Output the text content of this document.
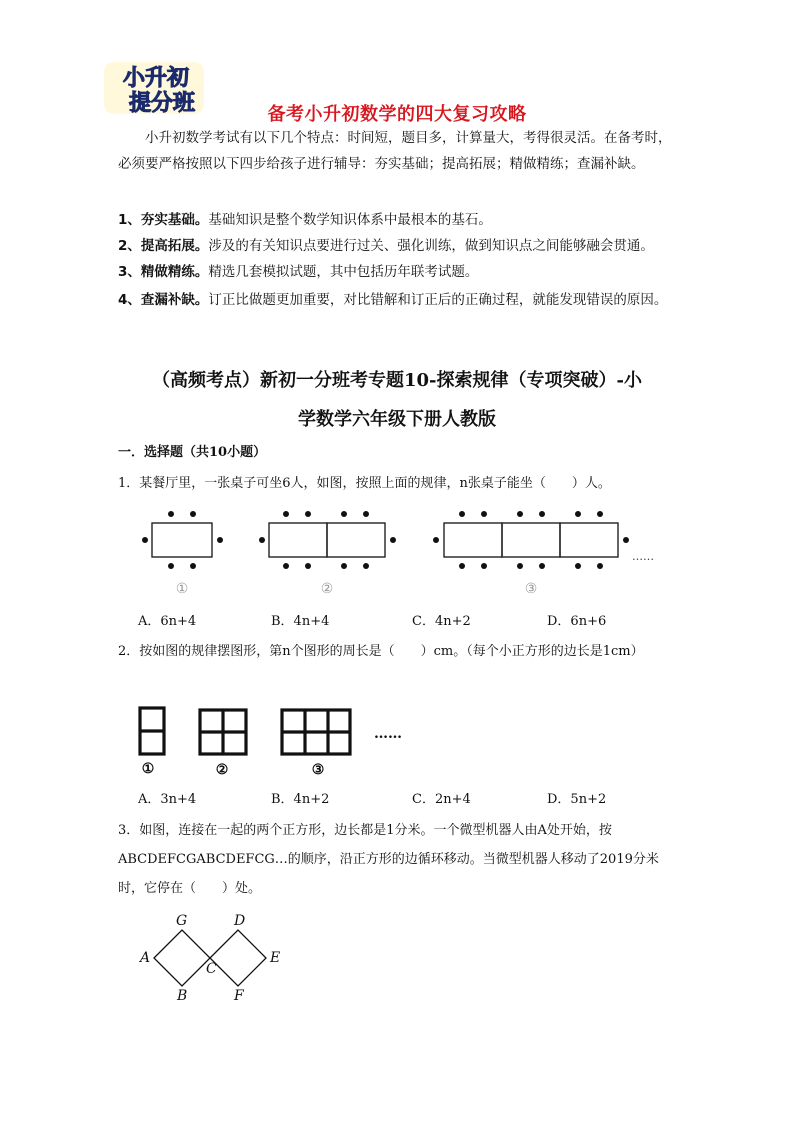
小升初
提分班	备考小升初数学的四大复习攻略
小升初数学考试有以下几个特点：时间短，题目多，计算量大，考得很灵活。在备考时，必须要严格按照以下四步给孩子进行辅导：夯实基础；提高拓展；精做精练；查漏补缺。
1、夯实基础。基础知识是整个数学知识体系中最根本的基石。
2、提高拓展。涉及的有关知识点要进行过关、强化训练，做到知识点之间能够融会贯通。
3、精做精练。精选几套模拟试题，其中包括历年联考试题。
4、查漏补缺。订正比做题更加重要，对比错解和订正后的正确过程，就能发现错误的原因。
（高频考点）新初一分班考专题10-探索规律（专项突破）-小
学数学六年级下册人教版
一．选择题（共10小题）
1．某餐厅里，一张桌子可坐6人，如图，按照上面的规律，n张桌子能坐（　　）人。
①	②	③
……
A．6n+4	B．4n+4	C．4n+2	D．6n+6
2．按如图的规律摆图形，第n个图形的周长是（　　）cm。（每个小正方形的边长是1cm）
①	②	③
……
A．3n+4	B．4n+2	C．2n+4	D．5n+2
3．如图，连接在一起的两个正方形，边长都是1分米。一个微型机器人由A处开始，按ABCDEFCGABCDEFCG…的顺序，沿正方形的边循环移动。当微型机器人移动了2019分米时，它停在（　　）处。
G	D
A
C
E
B	F
